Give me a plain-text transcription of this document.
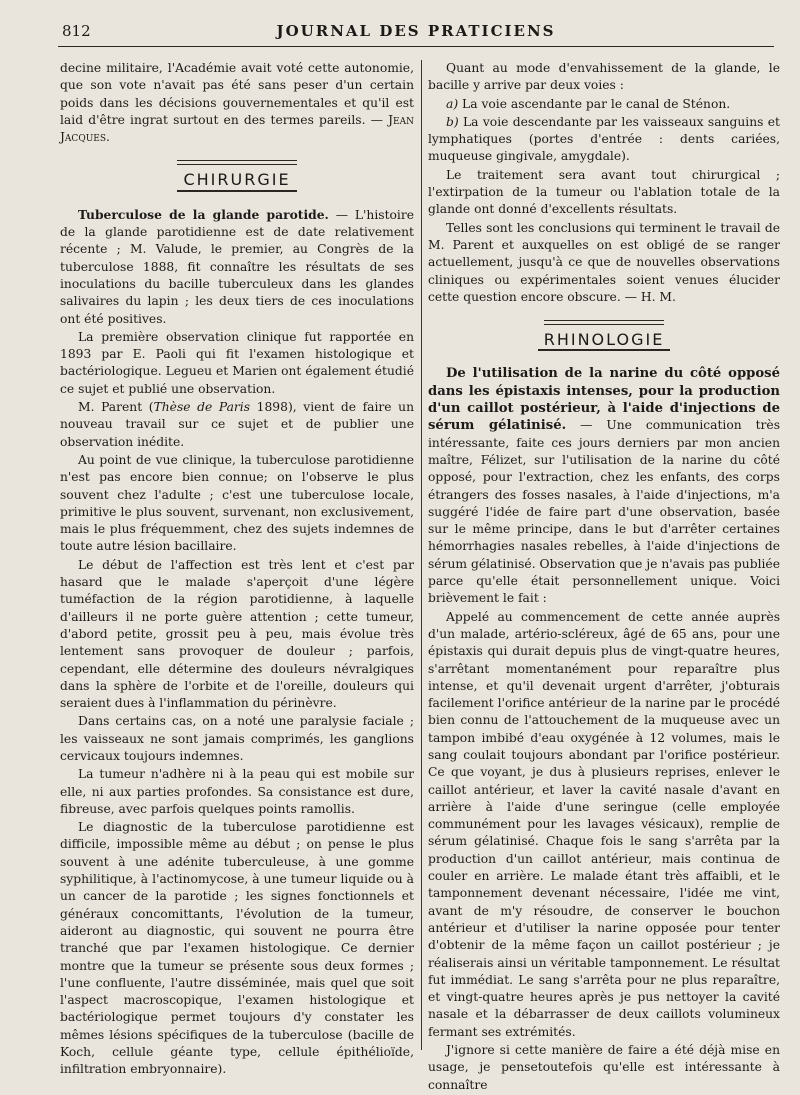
812	JOURNAL DES PRATICIENS

decine militaire, l'Académie avait voté cette autonomie, que son vote n'avait pas été sans peser d'un certain poids dans les décisions gouvernementales et qu'il est laid d'être ingrat surtout en des termes pareils. — Jean Jacques.

CHIRURGIE

Tuberculose de la glande parotide. — L'histoire de la glande parotidienne est de date relativement récente ; M. Valude, le premier, au Congrès de la tuberculose 1888, fit connaître les résultats de ses inoculations du bacille tuberculeux dans les glandes salivaires du lapin ; les deux tiers de ces inoculations ont été positives.

La première observation clinique fut rapportée en 1893 par E. Paoli qui fit l'examen histologique et bactériologique. Legueu et Marien ont également étudié ce sujet et publié une observation.

M. Parent (Thèse de Paris 1898), vient de faire un nouveau travail sur ce sujet et de publier une observation inédite.

Au point de vue clinique, la tuberculose parotidienne n'est pas encore bien connue; on l'observe le plus souvent chez l'adulte ; c'est une tuberculose locale, primitive le plus souvent, survenant, non exclusivement, mais le plus fréquemment, chez des sujets indemnes de toute autre lésion bacillaire.

Le début de l'affection est très lent et c'est par hasard que le malade s'aperçoit d'une légère tuméfaction de la région parotidienne, à laquelle d'ailleurs il ne porte guère attention ; cette tumeur, d'abord petite, grossit peu à peu, mais évolue très lentement sans provoquer de douleur ; parfois, cependant, elle détermine des douleurs névralgiques dans la sphère de l'orbite et de l'oreille, douleurs qui seraient dues à l'inflammation du périnèvre.

Dans certains cas, on a noté une paralysie faciale ; les vaisseaux ne sont jamais comprimés, les ganglions cervicaux toujours indemnes.

La tumeur n'adhère ni à la peau qui est mobile sur elle, ni aux parties profondes. Sa consistance est dure, fibreuse, avec parfois quelques points ramollis.

Le diagnostic de la tuberculose parotidienne est difficile, impossible même au début ; on pense le plus souvent à une adénite tuberculeuse, à une gomme syphilitique, à l'actinomycose, à une tumeur liquide ou à un cancer de la parotide ; les signes fonctionnels et généraux concomittants, l'évolution de la tumeur, aideront au diagnostic, qui souvent ne pourra être tranché que par l'examen histologique. Ce dernier montre que la tumeur se présente sous deux formes ; l'une confluente, l'autre disséminée, mais quel que soit l'aspect macroscopique, l'examen histologique et bactériologique permet toujours d'y constater les mêmes lésions spécifiques de la tuberculose (bacille de Koch, cellule géante type, cellule épithélioïde, infiltration embryonnaire).

Quant au mode d'envahissement de la glande, le bacille y arrive par deux voies :

a) La voie ascendante par le canal de Sténon.

b) La voie descendante par les vaisseaux sanguins et lymphatiques (portes d'entrée : dents cariées, muqueuse gingivale, amygdale).

Le traitement sera avant tout chirurgical ; l'extirpation de la tumeur ou l'ablation totale de la glande ont donné d'excellents résultats.

Telles sont les conclusions qui terminent le travail de M. Parent et auxquelles on est obligé de se ranger actuellement, jusqu'à ce que de nouvelles observations cliniques ou expérimentales soient venues élucider cette question encore obscure. — H. M.

RHINOLOGIE

De l'utilisation de la narine du côté opposé dans les épistaxis intenses, pour la production d'un caillot postérieur, à l'aide d'injections de sérum gélatinisé. — Une communication très intéressante, faite ces jours derniers par mon ancien maître, Félizet, sur l'utilisation de la narine du côté opposé, pour l'extraction, chez les enfants, des corps étrangers des fosses nasales, à l'aide d'injections, m'a suggéré l'idée de faire part d'une observation, basée sur le même principe, dans le but d'arrêter certaines hémorrhagies nasales rebelles, à l'aide d'injections de sérum gélatinisé. Observation que je n'avais pas publiée parce qu'elle était personnellement unique. Voici brièvement le fait :

Appelé au commencement de cette année auprès d'un malade, artério-scléreux, âgé de 65 ans, pour une épistaxis qui durait depuis plus de vingt-quatre heures, s'arrêtant momentanément pour reparaître plus intense, et qu'il devenait urgent d'arrêter, j'obturais facilement l'orifice antérieur de la narine par le procédé bien connu de l'attouchement de la muqueuse avec un tampon imbibé d'eau oxygénée à 12 volumes, mais le sang coulait toujours abondant par l'orifice postérieur. Ce que voyant, je dus à plusieurs reprises, enlever le caillot antérieur, et laver la cavité nasale d'avant en arrière à l'aide d'une seringue (celle employée communément pour les lavages vésicaux), remplie de sérum gélatinisé. Chaque fois le sang s'arrêta par la production d'un caillot antérieur, mais continua de couler en arrière. Le malade étant très affaibli, et le tamponnement devenant nécessaire, l'idée me vint, avant de m'y résoudre, de conserver le bouchon antérieur et d'utiliser la narine opposée pour tenter d'obtenir de la même façon un caillot postérieur ; je réaliserais ainsi un véritable tamponnement. Le résultat fut immédiat. Le sang s'arrêta pour ne plus reparaître, et vingt-quatre heures après je pus nettoyer la cavité nasale et la débarrasser de deux caillots volumineux fermant ses extrémités.

J'ignore si cette manière de faire a été déjà mise en usage, je pensetoutefois qu'elle est intéressante à connaître
